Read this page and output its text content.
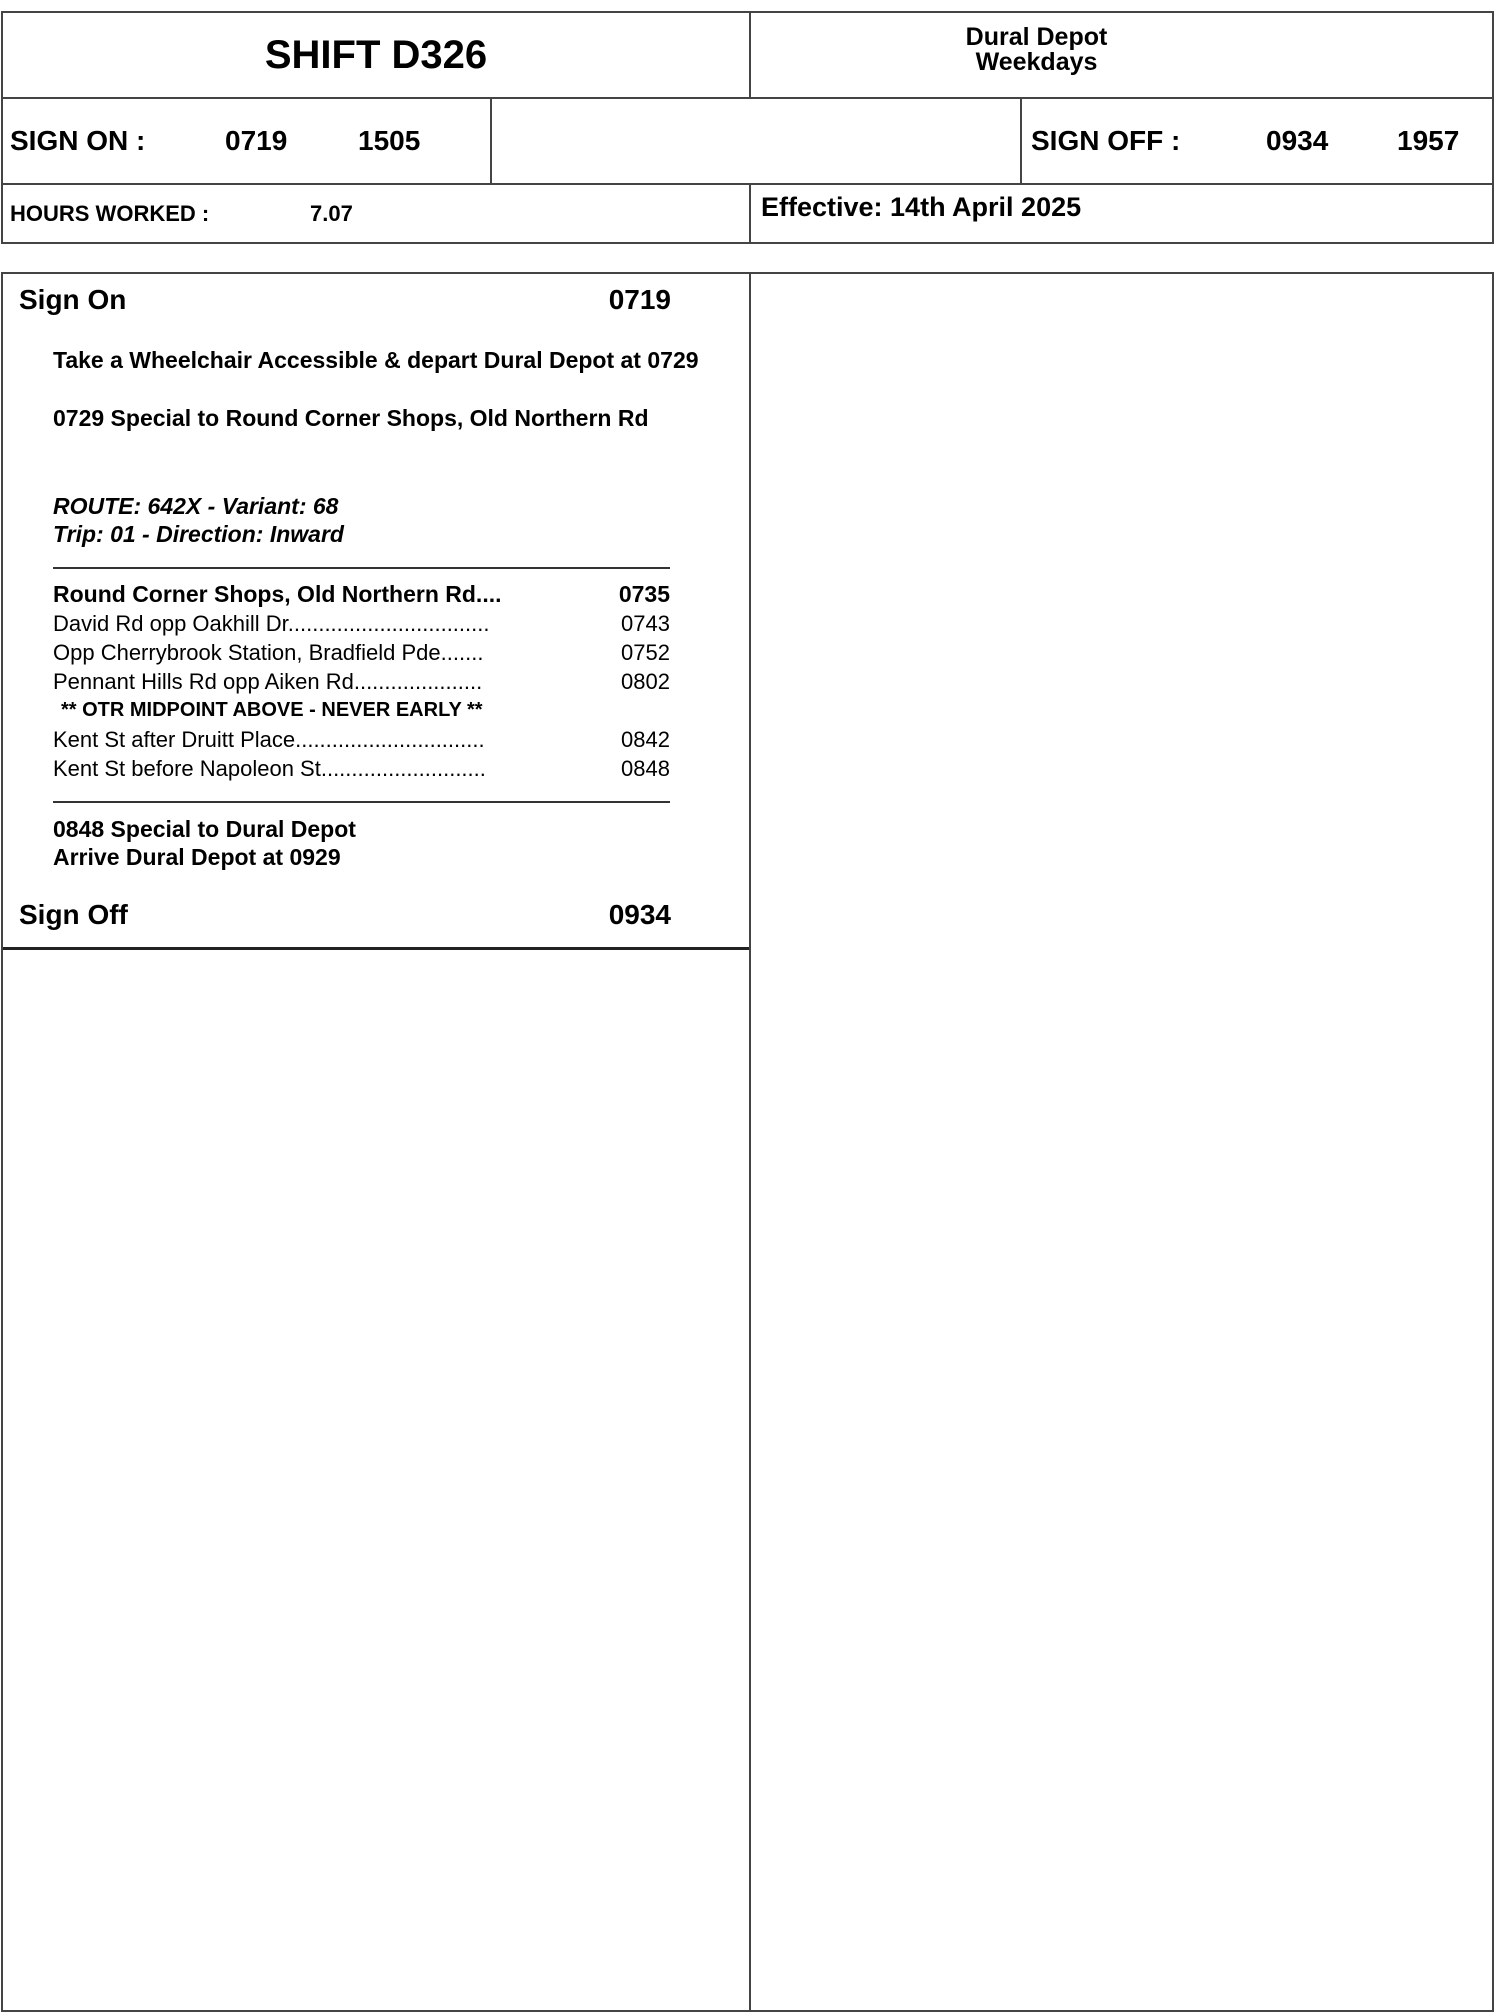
SHIFT D326	Dural Depot
Weekdays
SIGN ON :	0719	1505	SIGN OFF :	0934	1957
HOURS WORKED :	7.07	Effective: 14th April 2025
Sign On	0719
Take a Wheelchair Accessible & depart Dural Depot at 0729
0729 Special to Round Corner Shops, Old Northern Rd
ROUTE: 642X - Variant: 68
Trip: 01 - Direction: Inward
Round Corner Shops, Old Northern Rd....	0735
David Rd opp Oakhill Dr.................................	0743
Opp Cherrybrook Station, Bradfield Pde.......	0752
Pennant Hills Rd opp Aiken Rd.....................	0802
** OTR MIDPOINT ABOVE - NEVER EARLY **
Kent St after Druitt Place...............................	0842
Kent St before Napoleon St...........................	0848
0848 Special to Dural Depot
Arrive Dural Depot at 0929
Sign Off	0934
